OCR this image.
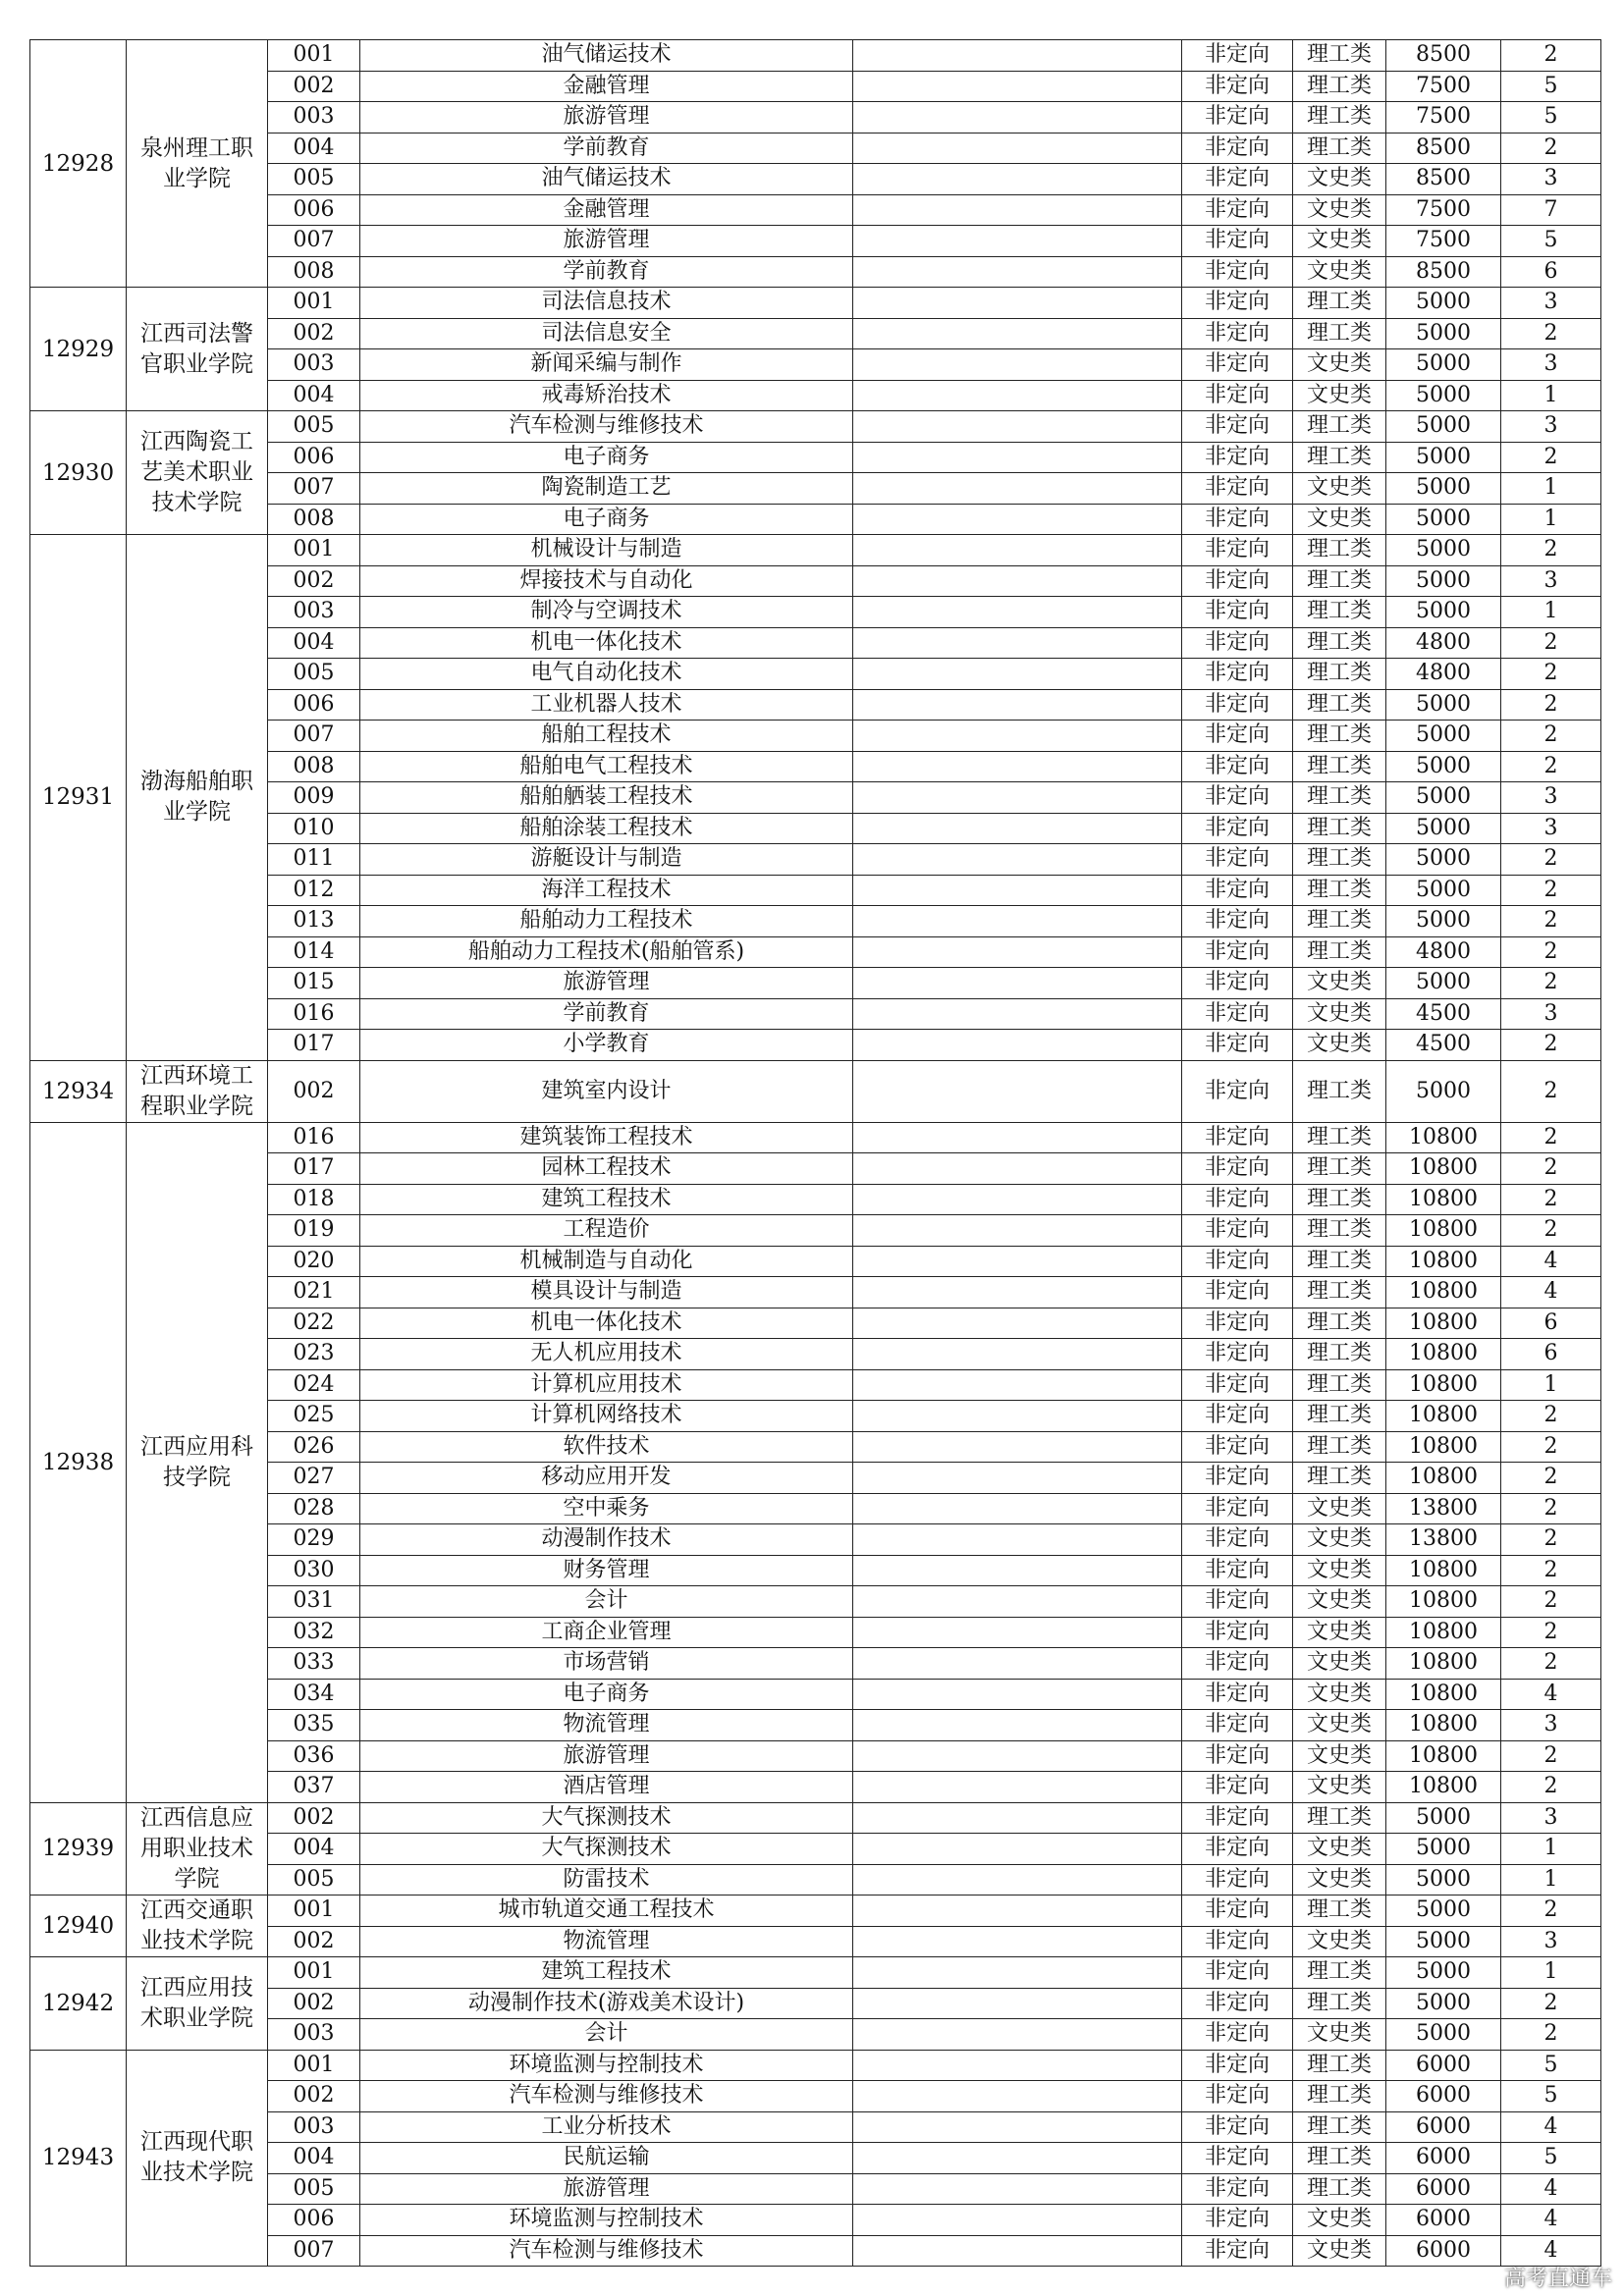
12928	泉州理工职业学院	001	油气储运技术		非定向	理工类	8500	2
		002	金融管理		非定向	理工类	7500	5
		003	旅游管理		非定向	理工类	7500	5
		004	学前教育		非定向	理工类	8500	2
		005	油气储运技术		非定向	文史类	8500	3
		006	金融管理		非定向	文史类	7500	7
		007	旅游管理		非定向	文史类	7500	5
		008	学前教育		非定向	文史类	8500	6
12929	江西司法警官职业学院	001	司法信息技术		非定向	理工类	5000	3
		002	司法信息安全		非定向	理工类	5000	2
		003	新闻采编与制作		非定向	文史类	5000	3
		004	戒毒矫治技术		非定向	文史类	5000	1
12930	江西陶瓷工艺美术职业技术学院	005	汽车检测与维修技术		非定向	理工类	5000	3
		006	电子商务		非定向	理工类	5000	2
		007	陶瓷制造工艺		非定向	文史类	5000	1
		008	电子商务		非定向	文史类	5000	1
12931	渤海船舶职业学院	001	机械设计与制造		非定向	理工类	5000	2
		002	焊接技术与自动化		非定向	理工类	5000	3
		003	制冷与空调技术		非定向	理工类	5000	1
		004	机电一体化技术		非定向	理工类	4800	2
		005	电气自动化技术		非定向	理工类	4800	2
		006	工业机器人技术		非定向	理工类	5000	2
		007	船舶工程技术		非定向	理工类	5000	2
		008	船舶电气工程技术		非定向	理工类	5000	2
		009	船舶舾装工程技术		非定向	理工类	5000	3
		010	船舶涂装工程技术		非定向	理工类	5000	3
		011	游艇设计与制造		非定向	理工类	5000	2
		012	海洋工程技术		非定向	理工类	5000	2
		013	船舶动力工程技术		非定向	理工类	5000	2
		014	船舶动力工程技术(船舶管系)		非定向	理工类	4800	2
		015	旅游管理		非定向	文史类	5000	2
		016	学前教育		非定向	文史类	4500	3
		017	小学教育		非定向	文史类	4500	2
12934	江西环境工程职业学院	002	建筑室内设计		非定向	理工类	5000	2
12938	江西应用科技学院	016	建筑装饰工程技术		非定向	理工类	10800	2
		017	园林工程技术		非定向	理工类	10800	2
		018	建筑工程技术		非定向	理工类	10800	2
		019	工程造价		非定向	理工类	10800	2
		020	机械制造与自动化		非定向	理工类	10800	4
		021	模具设计与制造		非定向	理工类	10800	4
		022	机电一体化技术		非定向	理工类	10800	6
		023	无人机应用技术		非定向	理工类	10800	6
		024	计算机应用技术		非定向	理工类	10800	1
		025	计算机网络技术		非定向	理工类	10800	2
		026	软件技术		非定向	理工类	10800	2
		027	移动应用开发		非定向	理工类	10800	2
		028	空中乘务		非定向	文史类	13800	2
		029	动漫制作技术		非定向	文史类	13800	2
		030	财务管理		非定向	文史类	10800	2
		031	会计		非定向	文史类	10800	2
		032	工商企业管理		非定向	文史类	10800	2
		033	市场营销		非定向	文史类	10800	2
		034	电子商务		非定向	文史类	10800	4
		035	物流管理		非定向	文史类	10800	3
		036	旅游管理		非定向	文史类	10800	2
		037	酒店管理		非定向	文史类	10800	2
12939	江西信息应用职业技术学院	002	大气探测技术		非定向	理工类	5000	3
		004	大气探测技术		非定向	文史类	5000	1
		005	防雷技术		非定向	文史类	5000	1
12940	江西交通职业技术学院	001	城市轨道交通工程技术		非定向	理工类	5000	2
		002	物流管理		非定向	文史类	5000	3
12942	江西应用技术职业学院	001	建筑工程技术		非定向	理工类	5000	1
		002	动漫制作技术(游戏美术设计)		非定向	理工类	5000	2
		003	会计		非定向	文史类	5000	2
12943	江西现代职业技术学院	001	环境监测与控制技术		非定向	理工类	6000	5
		002	汽车检测与维修技术		非定向	理工类	6000	5
		003	工业分析技术		非定向	理工类	6000	4
		004	民航运输		非定向	理工类	6000	5
		005	旅游管理		非定向	理工类	6000	4
		006	环境监测与控制技术		非定向	文史类	6000	4
		007	汽车检测与维修技术		非定向	文史类	6000	4
高考直通车
